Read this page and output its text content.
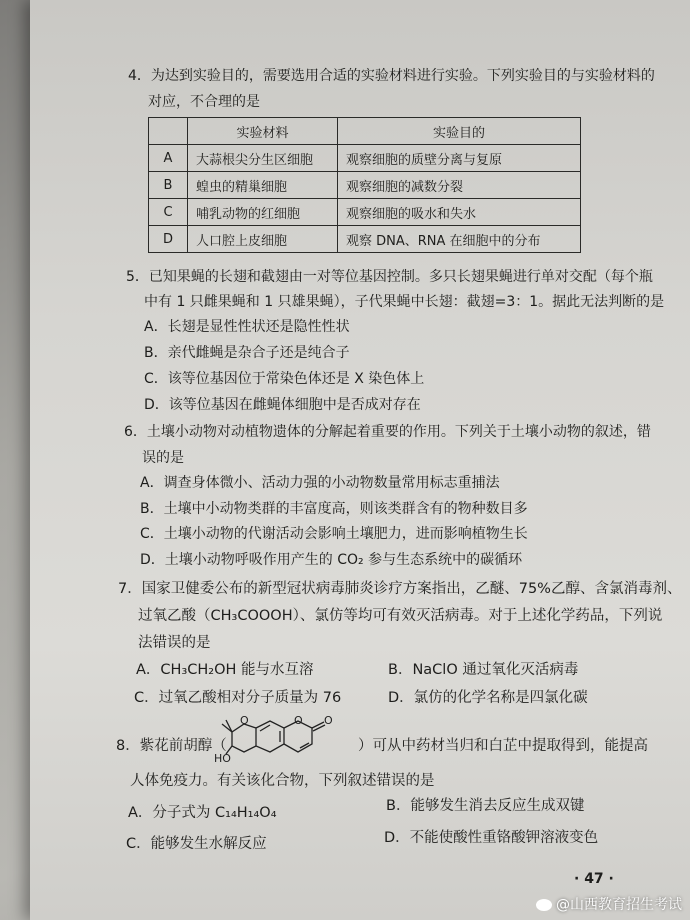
4．为达到实验目的，需要选用合适的实验材料进行实验。下列实验目的与实验材料的
对应，不合理的是
	实验材料	实验目的
A	大蒜根尖分生区细胞	观察细胞的质壁分离与复原
B	蝗虫的精巢细胞	观察细胞的减数分裂
C	哺乳动物的红细胞	观察细胞的吸水和失水
D	人口腔上皮细胞	观察 DNA、RNA 在细胞中的分布
5．已知果蝇的长翅和截翅由一对等位基因控制。多只长翅果蝇进行单对交配（每个瓶
中有 1 只雌果蝇和 1 只雄果蝇），子代果蝇中长翅：截翅=3：1。据此无法判断的是
A．长翅是显性性状还是隐性性状
B．亲代雌蝇是杂合子还是纯合子
C．该等位基因位于常染色体还是 X 染色体上
D．该等位基因在雌蝇体细胞中是否成对存在
6．土壤小动物对动植物遗体的分解起着重要的作用。下列关于土壤小动物的叙述，错
误的是
A．调查身体微小、活动力强的小动物数量常用标志重捕法
B．土壤中小动物类群的丰富度高，则该类群含有的物种数目多
C．土壤小动物的代谢活动会影响土壤肥力，进而影响植物生长
D．土壤小动物呼吸作用产生的 CO₂ 参与生态系统中的碳循环
7．国家卫健委公布的新型冠状病毒肺炎诊疗方案指出，乙醚、75%乙醇、含氯消毒剂、
过氧乙酸（CH₃COOOH）、氯仿等均可有效灭活病毒。对于上述化学药品，下列说
法错误的是
A．CH₃CH₂OH 能与水互溶	B．NaClO 通过氧化灭活病毒
C．过氧乙酸相对分子质量为 76	D．氯仿的化学名称是四氯化碳
8．紫花前胡醇（
O	O O
HO
）可从中药材当归和白芷中提取得到，能提高
人体免疫力。有关该化合物，下列叙述错误的是
A．分子式为 C₁₄H₁₄O₄	B．能够发生消去反应生成双键
C．能够发生水解反应	D．不能使酸性重铬酸钾溶液变色
· 47 ·
@山西教育招生考试
